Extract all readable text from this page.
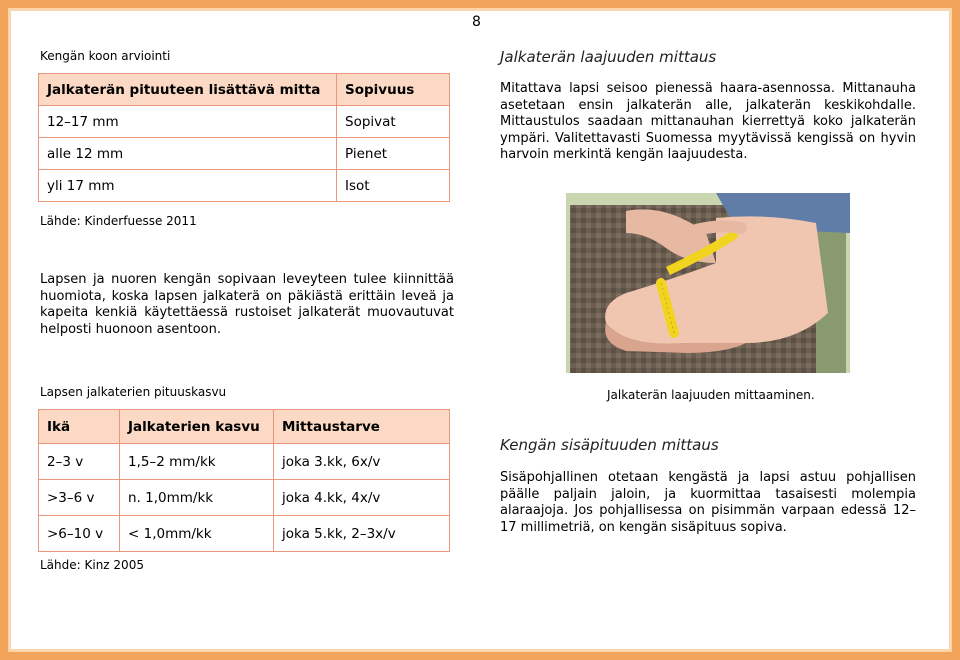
8
Kengän koon arviointi
Jalkaterän pituuteen lisättävä mitta	Sopivuus
12–17 mm	Sopivat
alle 12 mm	Pienet
yli 17 mm	Isot
Lähde: Kinderfuesse 2011
Lapsen ja nuoren kengän sopivaan leveyteen tulee kiinnittää huomiota, koska lapsen jalkaterä on päkiästä erittäin leveä ja kapeita kenkiä käytettäessä rustoiset jalkaterät muovautuvat helposti huonoon asentoon.
Lapsen jalkaterien pituuskasvu
Ikä	Jalkaterien kasvu	Mittaustarve
2–3 v	1,5–2 mm/kk	joka 3.kk, 6x/v
>3–6 v	n. 1,0mm/kk	joka 4.kk, 4x/v
>6–10 v	< 1,0mm/kk	joka 5.kk, 2–3x/v
Lähde: Kinz 2005
Jalkaterän laajuuden mittaus
Mitattava lapsi seisoo pienessä haara-asennossa. Mittanauha asetetaan ensin jalkaterän alle, jalkaterän keskikohdalle. Mittaustulos saadaan mittanauhan kierrettyä koko jalkaterän ympäri. Valitettavasti Suomessa myytävissä kengissä on hyvin harvoin merkintä kengän laajuudesta.
Jalkaterän laajuuden mittaaminen.
Kengän sisäpituuden mittaus
Sisäpohjallinen otetaan kengästä ja lapsi astuu pohjallisen päälle paljain jaloin, ja kuormittaa tasaisesti molempia alaraajoja. Jos pohjallisessa on pisimmän varpaan edessä 12–17 millimetriä, on kengän sisäpituus sopiva.
